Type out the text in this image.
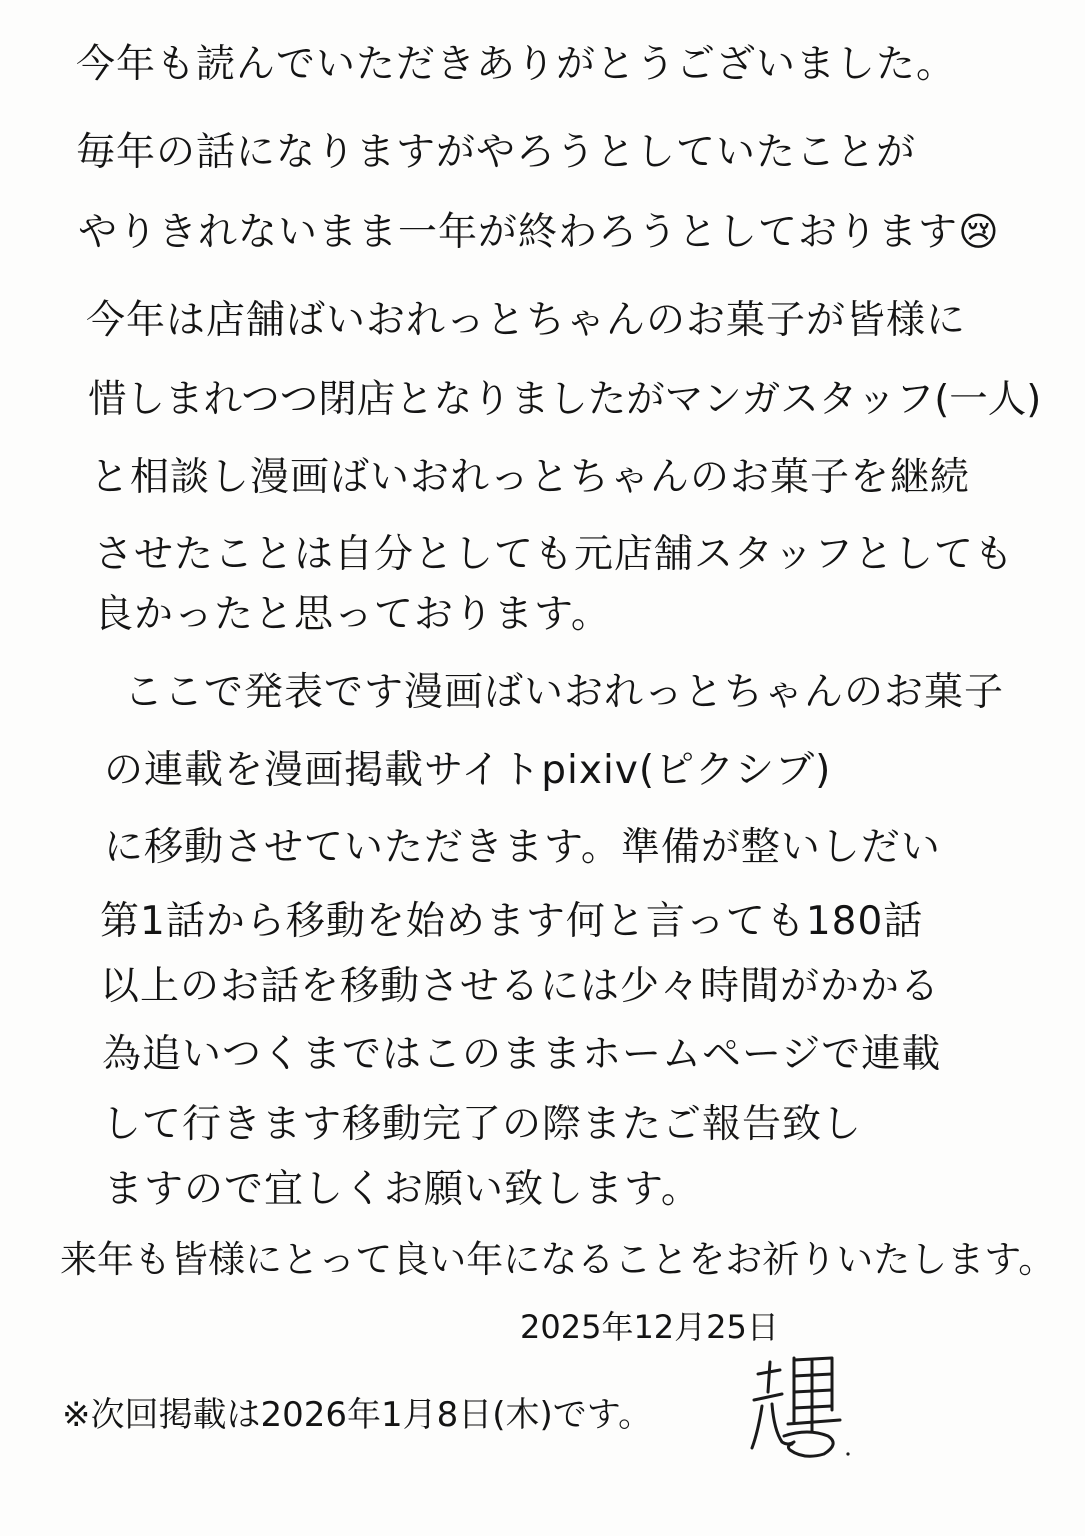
今年も読んでいただきありがとうございました。
毎年の話になりますがやろうとしていたことが
やりきれないまま一年が終わろうとしております😢
今年は店舗ばいおれっとちゃんのお菓子が皆様に
惜しまれつつ閉店となりましたがマンガスタッフ(一人)
と相談し漫画ばいおれっとちゃんのお菓子を継続
させたことは自分としても元店舗スタッフとしても
良かったと思っております。
ここで発表です漫画ばいおれっとちゃんのお菓子
の連載を漫画掲載サイトpixiv(ピクシブ)
に移動させていただきます。準備が整いしだい
第1話から移動を始めます何と言っても180話
以上のお話を移動させるには少々時間がかかる
為追いつくまではこのままホームページで連載
して行きます移動完了の際またご報告致し
ますので宜しくお願い致します。
来年も皆様にとって良い年になることをお祈りいたします。
2025年12月25日
※次回掲載は2026年1月8日(木)です。
